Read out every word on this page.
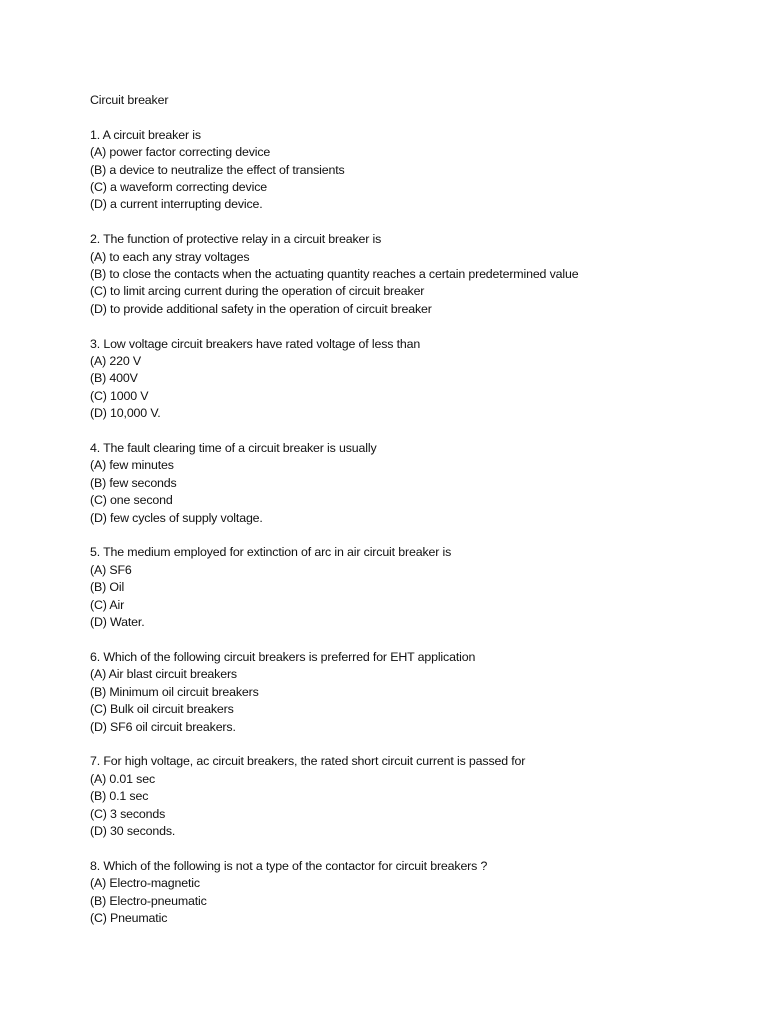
Circuit breaker
1. A circuit breaker is
(A) power factor correcting device
(B) a device to neutralize the effect of transients
(C) a waveform correcting device
(D) a current interrupting device.
2. The function of protective relay in a circuit breaker is
(A) to each any stray voltages
(B) to close the contacts when the actuating quantity reaches a certain predetermined value
(C) to limit arcing current during the operation of circuit breaker
(D) to provide additional safety in the operation of circuit breaker
3. Low voltage circuit breakers have rated voltage of less than
(A) 220 V
(B) 400V
(C) 1000 V
(D) 10,000 V.
4. The fault clearing time of a circuit breaker is usually
(A) few minutes
(B) few seconds
(C) one second
(D) few cycles of supply voltage.
5. The medium employed for extinction of arc in air circuit breaker is
(A) SF6
(B) Oil
(C) Air
(D) Water.
6. Which of the following circuit breakers is preferred for EHT application
(A) Air blast circuit breakers
(B) Minimum oil circuit breakers
(C) Bulk oil circuit breakers
(D) SF6 oil circuit breakers.
7. For high voltage, ac circuit breakers, the rated short circuit current is passed for
(A) 0.01 sec
(B) 0.1 sec
(C) 3 seconds
(D) 30 seconds.
8. Which of the following is not a type of the contactor for circuit breakers ?
(A) Electro-magnetic
(B) Electro-pneumatic
(C) Pneumatic
